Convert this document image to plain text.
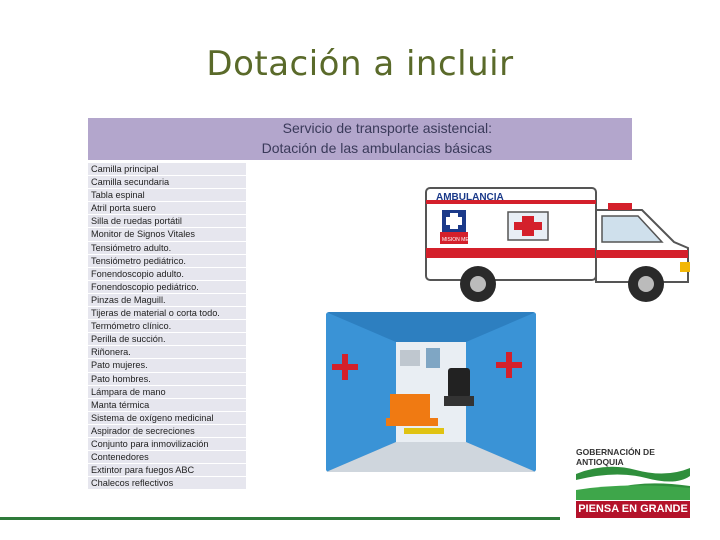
Dotación a incluir
Servicio de transporte asistencial:
Dotación de las ambulancias básicas
Camilla principal
Camilla secundaria
Tabla espinal
Atril porta suero
Silla de ruedas portátil
Monitor de Signos Vitales
Tensiómetro adulto.
Tensiómetro pediátrico.
Fonendoscopio adulto.
Fonendoscopio pediátrico.
Pinzas de Maguill.
Tijeras de material o corta todo.
Termómetro clínico.
Perilla de succión.
Riñonera.
Pato mujeres.
Pato hombres.
Lámpara de mano
Manta térmica
Sistema de oxígeno medicinal
Aspirador de secreciones
Conjunto para inmovilización
Contenedores
Extintor para fuegos ABC
Chalecos reflectivos
AMBULANCIA
MISION MEDICA
GOBERNACIÓN DE ANTIOQUIA
PIENSA EN GRANDE
